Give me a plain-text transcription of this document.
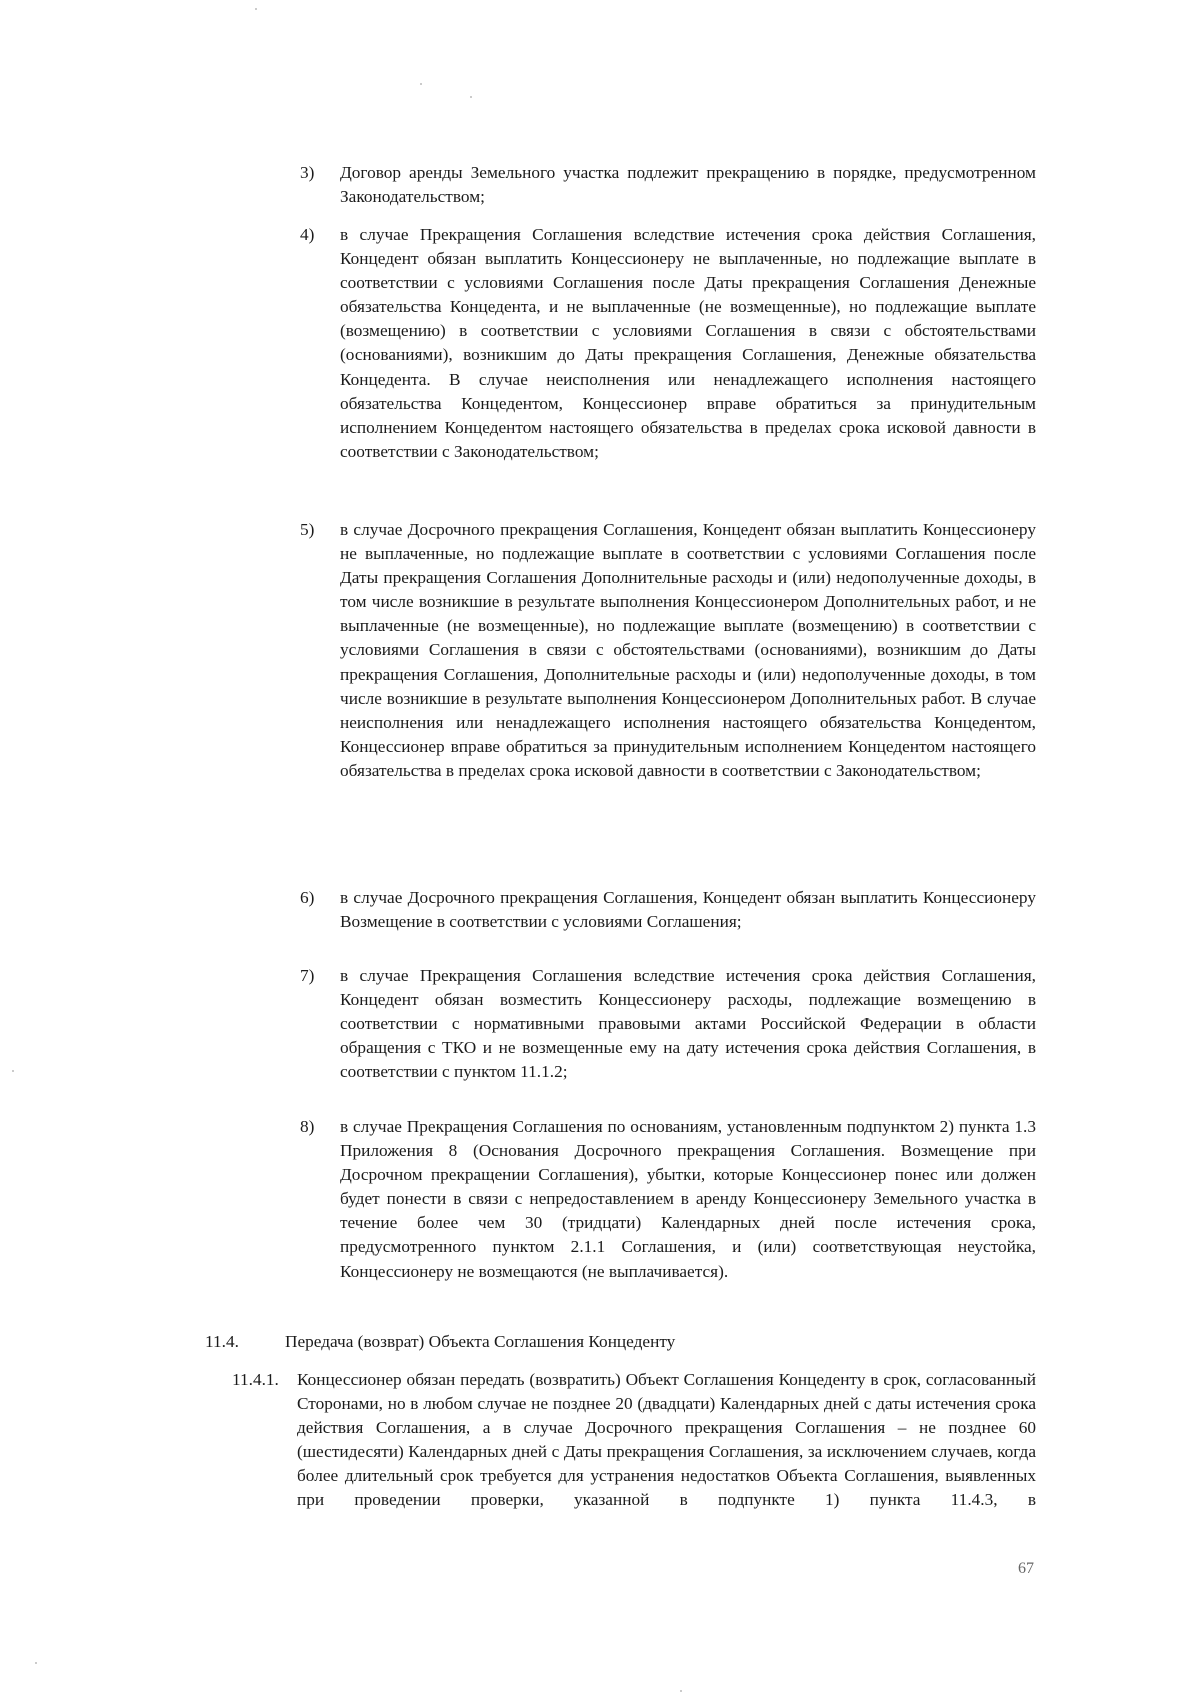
3) Договор аренды Земельного участка подлежит прекращению в порядке, предусмотренном Законодательством;
4) в случае Прекращения Соглашения вследствие истечения срока действия Соглашения, Концедент обязан выплатить Концессионеру не выплаченные, но подлежащие выплате в соответствии с условиями Соглашения после Даты прекращения Соглашения Денежные обязательства Концедента, и не выплаченные (не возмещенные), но подлежащие выплате (возмещению) в соответствии с условиями Соглашения в связи с обстоятельствами (основаниями), возникшим до Даты прекращения Соглашения, Денежные обязательства Концедента. В случае неисполнения или ненадлежащего исполнения настоящего обязательства Концедентом, Концессионер вправе обратиться за принудительным исполнением Концедентом настоящего обязательства в пределах срока исковой давности в соответствии с Законодательством;
5) в случае Досрочного прекращения Соглашения, Концедент обязан выплатить Концессионеру не выплаченные, но подлежащие выплате в соответствии с условиями Соглашения после Даты прекращения Соглашения Дополнительные расходы и (или) недополученные доходы, в том числе возникшие в результате выполнения Концессионером Дополнительных работ, и не выплаченные (не возмещенные), но подлежащие выплате (возмещению) в соответствии с условиями Соглашения в связи с обстоятельствами (основаниями), возникшим до Даты прекращения Соглашения, Дополнительные расходы и (или) недополученные доходы, в том числе возникшие в результате выполнения Концессионером Дополнительных работ. В случае неисполнения или ненадлежащего исполнения настоящего обязательства Концедентом, Концессионер вправе обратиться за принудительным исполнением Концедентом настоящего обязательства в пределах срока исковой давности в соответствии с Законодательством;
6) в случае Досрочного прекращения Соглашения, Концедент обязан выплатить Концессионеру Возмещение в соответствии с условиями Соглашения;
7) в случае Прекращения Соглашения вследствие истечения срока действия Соглашения, Концедент обязан возместить Концессионеру расходы, подлежащие возмещению в соответствии с нормативными правовыми актами Российской Федерации в области обращения с ТКО и не возмещенные ему на дату истечения срока действия Соглашения, в соответствии с пунктом 11.1.2;
8) в случае Прекращения Соглашения по основаниям, установленным подпунктом 2) пункта 1.3 Приложения 8 (Основания Досрочного прекращения Соглашения. Возмещение при Досрочном прекращении Соглашения), убытки, которые Концессионер понес или должен будет понести в связи с непредоставлением в аренду Концессионеру Земельного участка в течение более чем 30 (тридцати) Календарных дней после истечения срока, предусмотренного пунктом 2.1.1 Соглашения, и (или) соответствующая неустойка, Концессионеру не возмещаются (не выплачивается).
11.4.	Передача (возврат) Объекта Соглашения Концеденту
11.4.1. Концессионер обязан передать (возвратить) Объект Соглашения Концеденту в срок, согласованный Сторонами, но в любом случае не позднее 20 (двадцати) Календарных дней с даты истечения срока действия Соглашения, а в случае Досрочного прекращения Соглашения – не позднее 60 (шестидесяти) Календарных дней с Даты прекращения Соглашения, за исключением случаев, когда более длительный срок требуется для устранения недостатков Объекта Соглашения, выявленных при проведении проверки, указанной в подпункте 1) пункта 11.4.3, в
67
